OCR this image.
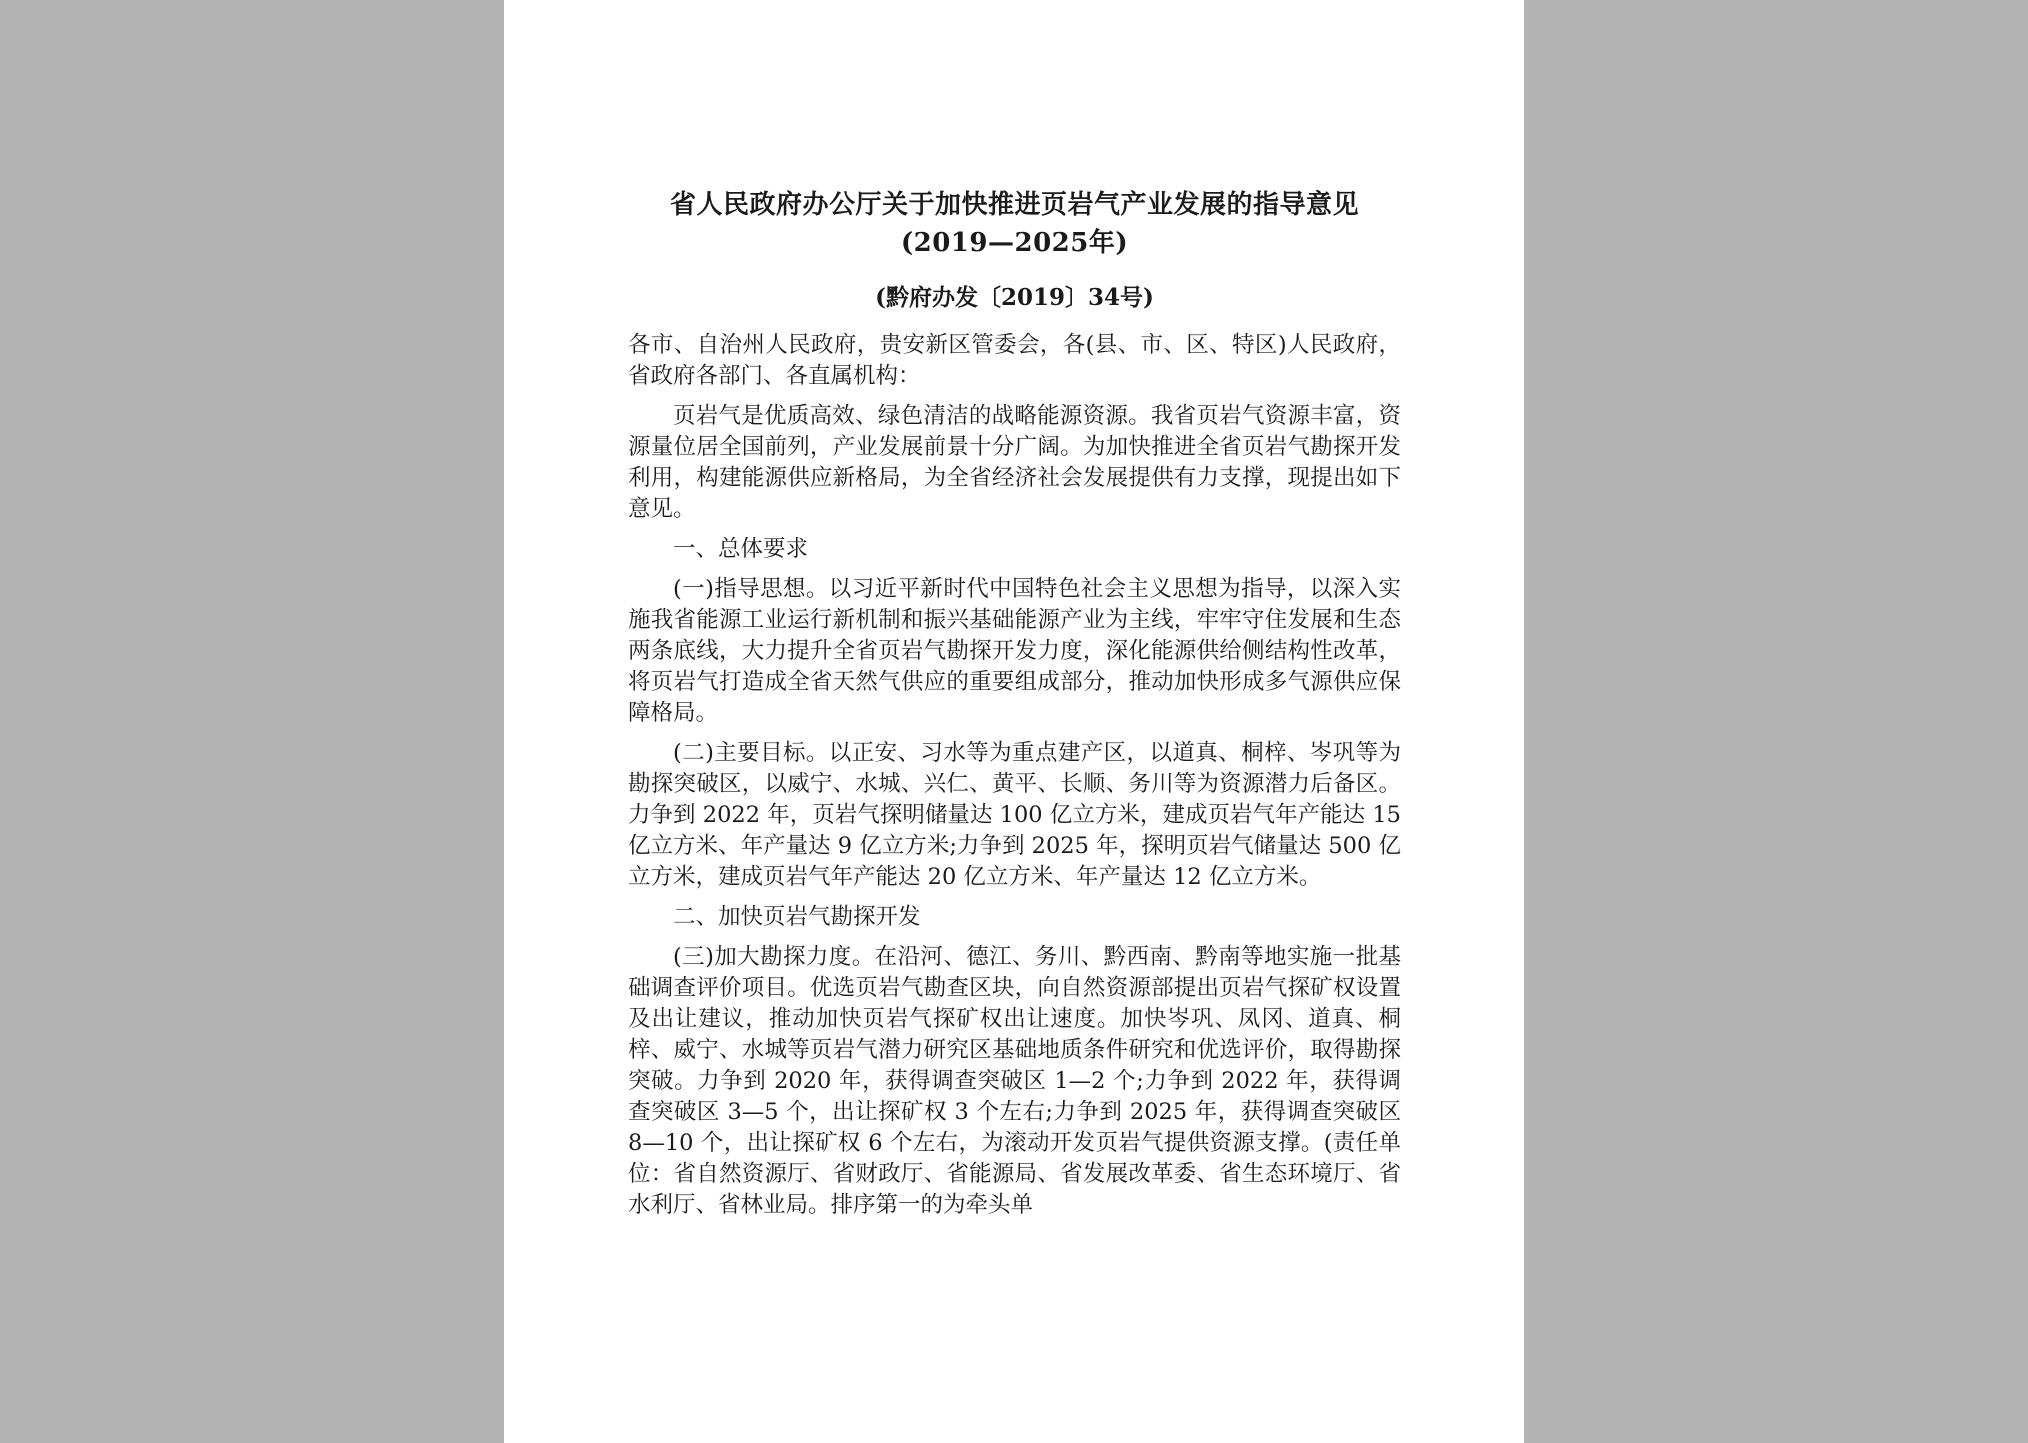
省人民政府办公厅关于加快推进页岩气产业发展的指导意见(2019—2025年)
(黔府办发〔2019〕34号)

各市、自治州人民政府，贵安新区管委会，各(县、市、区、特区)人民政府，省政府各部门、各直属机构：

页岩气是优质高效、绿色清洁的战略能源资源。我省页岩气资源丰富，资源量位居全国前列，产业发展前景十分广阔。为加快推进全省页岩气勘探开发利用，构建能源供应新格局，为全省经济社会发展提供有力支撑，现提出如下意见。

一、总体要求

(一)指导思想。以习近平新时代中国特色社会主义思想为指导，以深入实施我省能源工业运行新机制和振兴基础能源产业为主线，牢牢守住发展和生态两条底线，大力提升全省页岩气勘探开发力度，深化能源供给侧结构性改革，将页岩气打造成全省天然气供应的重要组成部分，推动加快形成多气源供应保障格局。

(二)主要目标。以正安、习水等为重点建产区，以道真、桐梓、岑巩等为勘探突破区，以威宁、水城、兴仁、黄平、长顺、务川等为资源潜力后备区。力争到 2022 年，页岩气探明储量达 100 亿立方米，建成页岩气年产能达 15 亿立方米、年产量达 9 亿立方米;力争到 2025 年，探明页岩气储量达 500 亿立方米，建成页岩气年产能达 20 亿立方米、年产量达 12 亿立方米。

二、加快页岩气勘探开发

(三)加大勘探力度。在沿河、德江、务川、黔西南、黔南等地实施一批基础调查评价项目。优选页岩气勘查区块，向自然资源部提出页岩气探矿权设置及出让建议，推动加快页岩气探矿权出让速度。加快岑巩、凤冈、道真、桐梓、威宁、水城等页岩气潜力研究区基础地质条件研究和优选评价，取得勘探突破。力争到 2020 年，获得调查突破区 1—2 个;力争到 2022 年，获得调查突破区 3—5 个，出让探矿权 3 个左右;力争到 2025 年，获得调查突破区 8—10 个，出让探矿权 6 个左右，为滚动开发页岩气提供资源支撑。(责任单位：省自然资源厅、省财政厅、省能源局、省发展改革委、省生态环境厅、省水利厅、省林业局。排序第一的为牵头单
